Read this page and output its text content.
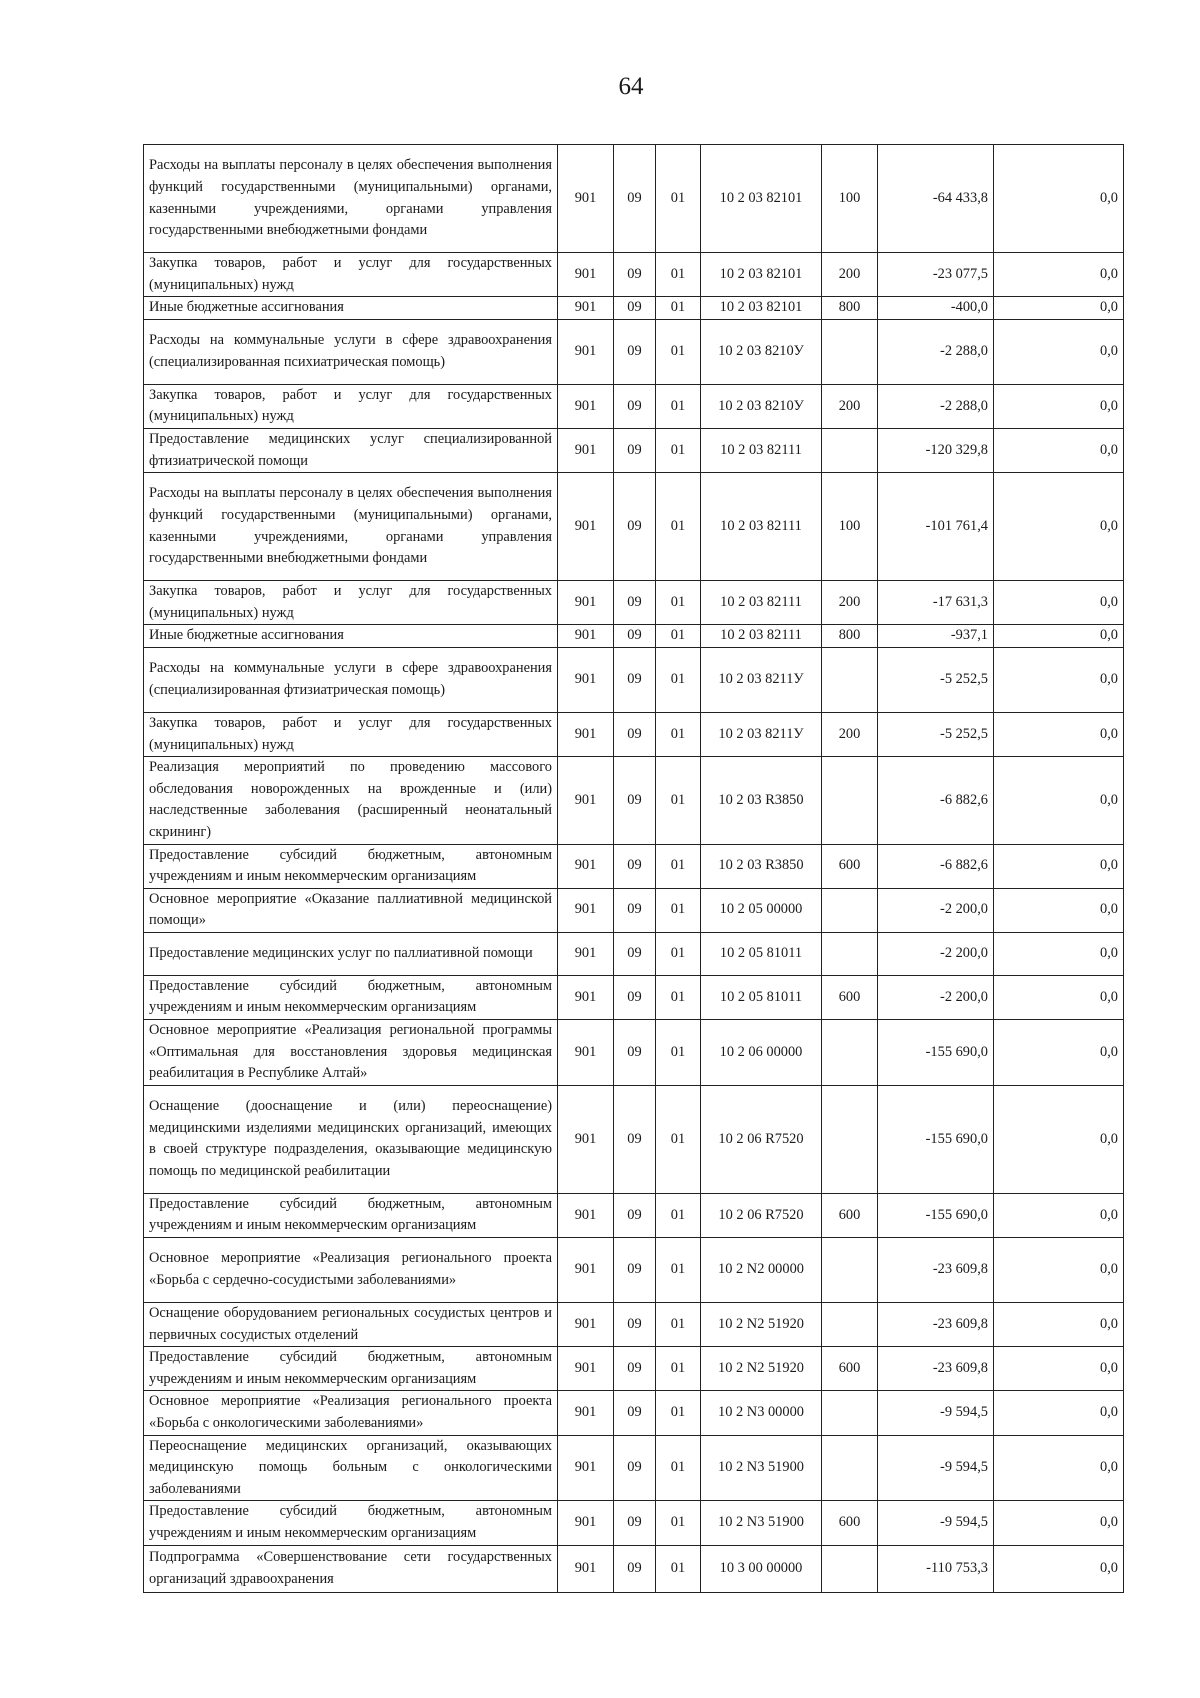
64
Расходы на выплаты персоналу в целях обеспечения выполнения функций государственными (муниципальными) органами, казенными учреждениями, органами управления государственными внебюджетными фондами	901	09	01	10 2 03 82101	100	-64 433,8	0,0
Закупка товаров, работ и услуг для государственных (муниципальных) нужд	901	09	01	10 2 03 82101	200	-23 077,5	0,0
Иные бюджетные ассигнования	901	09	01	10 2 03 82101	800	-400,0	0,0
Расходы на коммунальные услуги в сфере здравоохранения (специализированная психиатрическая помощь)	901	09	01	10 2 03 8210У		-2 288,0	0,0
Закупка товаров, работ и услуг для государственных (муниципальных) нужд	901	09	01	10 2 03 8210У	200	-2 288,0	0,0
Предоставление медицинских услуг специализированной фтизиатрической помощи	901	09	01	10 2 03 82111		-120 329,8	0,0
Расходы на выплаты персоналу в целях обеспечения выполнения функций государственными (муниципальными) органами, казенными учреждениями, органами управления государственными внебюджетными фондами	901	09	01	10 2 03 82111	100	-101 761,4	0,0
Закупка товаров, работ и услуг для государственных (муниципальных) нужд	901	09	01	10 2 03 82111	200	-17 631,3	0,0
Иные бюджетные ассигнования	901	09	01	10 2 03 82111	800	-937,1	0,0
Расходы на коммунальные услуги в сфере здравоохранения (специализированная фтизиатрическая помощь)	901	09	01	10 2 03 8211У		-5 252,5	0,0
Закупка товаров, работ и услуг для государственных (муниципальных) нужд	901	09	01	10 2 03 8211У	200	-5 252,5	0,0
Реализация мероприятий по проведению массового обследования новорожденных на врожденные и (или) наследственные заболевания (расширенный неонатальный скрининг)	901	09	01	10 2 03 R3850		-6 882,6	0,0
Предоставление субсидий бюджетным, автономным учреждениям и иным некоммерческим организациям	901	09	01	10 2 03 R3850	600	-6 882,6	0,0
Основное мероприятие «Оказание паллиативной медицинской помощи»	901	09	01	10 2 05 00000		-2 200,0	0,0
Предоставление медицинских услуг по паллиативной помощи	901	09	01	10 2 05 81011		-2 200,0	0,0
Предоставление субсидий бюджетным, автономным учреждениям и иным некоммерческим организациям	901	09	01	10 2 05 81011	600	-2 200,0	0,0
Основное мероприятие «Реализация региональной программы «Оптимальная для восстановления здоровья медицинская реабилитация в Республике Алтай»	901	09	01	10 2 06 00000		-155 690,0	0,0
Оснащение (дооснащение и (или) переоснащение) медицинскими изделиями медицинских организаций, имеющих в своей структуре подразделения, оказывающие медицинскую помощь по медицинской реабилитации	901	09	01	10 2 06 R7520		-155 690,0	0,0
Предоставление субсидий бюджетным, автономным учреждениям и иным некоммерческим организациям	901	09	01	10 2 06 R7520	600	-155 690,0	0,0
Основное мероприятие «Реализация регионального проекта «Борьба с сердечно-сосудистыми заболеваниями»	901	09	01	10 2 N2 00000		-23 609,8	0,0
Оснащение оборудованием региональных сосудистых центров и первичных сосудистых отделений	901	09	01	10 2 N2 51920		-23 609,8	0,0
Предоставление субсидий бюджетным, автономным учреждениям и иным некоммерческим организациям	901	09	01	10 2 N2 51920	600	-23 609,8	0,0
Основное мероприятие «Реализация регионального проекта «Борьба с онкологическими заболеваниями»	901	09	01	10 2 N3 00000		-9 594,5	0,0
Переоснащение медицинских организаций, оказывающих медицинскую помощь больным с онкологическими заболеваниями	901	09	01	10 2 N3 51900		-9 594,5	0,0
Предоставление субсидий бюджетным, автономным учреждениям и иным некоммерческим организациям	901	09	01	10 2 N3 51900	600	-9 594,5	0,0
Подпрограмма «Совершенствование сети государственных организаций здравоохранения	901	09	01	10 3 00 00000		-110 753,3	0,0
